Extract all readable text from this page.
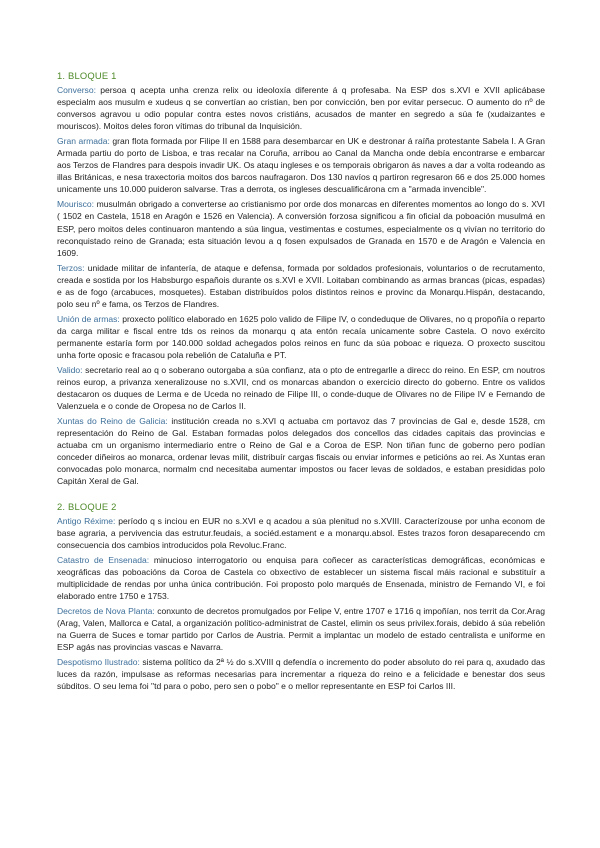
1. BLOQUE 1

Converso: persoa q acepta unha crenza relix ou ideoloxía diferente á q profesaba. Na ESP dos s.XVI e XVII aplicábase especialm aos musulm e xudeus q se convertían ao cristian, ben por convicción, ben por evitar persecuc. O aumento do nº de conversos agravou u odio popular contra estes novos cristiáns, acusados de manter en segredo a súa fe (xudaizantes e mouriscos). Moitos deles foron vítimas do tribunal da Inquisición.

Gran armada: gran flota formada por Filipe II en 1588 para desembarcar en UK e destronar á raíña protestante Sabela I. A Gran Armada partiu do porto de Lisboa, e tras recalar na Coruña, arribou ao Canal da Mancha onde debía encontrarse e embarcar aos Terzos de Flandres para despois invadir UK. Os ataqu ingleses e os temporais obrigaron ás naves a dar a volta rodeando as illas Británicas, e nesa traxectoria moitos dos barcos naufragaron. Dos 130 navíos q partiron regresaron 66 e dos 25.000 homes unicamente uns 10.000 puideron salvarse. Tras a derrota, os ingleses descualificárona cm a "armada invencible".

Mourisco: musulmán obrigado a converterse ao cristianismo por orde dos monarcas en diferentes momentos ao longo do s. XVI ( 1502 en Castela, 1518 en Aragón e 1526 en Valencia). A conversión forzosa significou a fin oficial da poboación musulmá en ESP, pero moitos deles continuaron mantendo a súa lingua, vestimentas e costumes, especialmente os q vivían no territorio do reconquistado reino de Granada; esta situación levou a q fosen expulsados de Granada en 1570 e de Aragón e Valencia en 1609.

Terzos: unidade militar de infantería, de ataque e defensa, formada por soldados profesionais, voluntarios o de recrutamento, creada e sostida por los Habsburgo españois durante os s.XVI e XVII. Loitaban combinando as armas brancas (picas, espadas) e as de fogo (arcabuces, mosquetes). Estaban distribuídos polos distintos reinos e provinc da Monarqu.Hispán, destacando, polo seu nº e fama, os Terzos de Flandres.

Unión de armas: proxecto político elaborado en 1625 polo valido de Filipe IV, o condeduque de Olivares, no q propoñía o reparto da carga militar e fiscal entre tds os reinos da monarqu q ata entón recaía unicamente sobre Castela. O novo exército permanente estaría form por 140.000 soldad achegados polos reinos en func da súa poboac e riqueza. O proxecto suscitou unha forte oposic e fracasou pola rebelión de Cataluña e PT.

Valido: secretario real ao q o soberano outorgaba a súa confianz, ata o pto de entregarlle a direcc do reino. En ESP, cm noutros reinos europ, a privanza xeneralizouse no s.XVII, cnd os monarcas abandon o exercicio directo do goberno. Entre os validos destacaron os duques de Lerma e de Uceda no reinado de Filipe III, o conde-duque de Olivares no de Filipe IV e Fernando de Valenzuela e o conde de Oropesa no de Carlos II.

Xuntas do Reino de Galicia: institución creada no s.XVI q actuaba cm portavoz das 7 provincias de Gal e, desde 1528, cm representación do Reino de Gal. Estaban formadas polos delegados dos concellos das cidades capitais das provincias e actuaba cm un organismo intermediario entre o Reino de Gal e a Coroa de ESP. Non tiñan func de goberno pero podían conceder diñeiros ao monarca, ordenar levas milit, distribuír cargas fiscais ou enviar informes e peticións ao rei. As Xuntas eran convocadas polo monarca, normalm cnd necesitaba aumentar impostos ou facer levas de soldados, e estaban presididas polo Capitán Xeral de Gal.

2. BLOQUE 2

Antigo Réxime: período q s inciou en EUR no s.XVI e q acadou a súa plenitud no s.XVIII. Caracterízouse por unha econom de base agraria, a pervivencia das estrutur.feudais, a sociéd.estament e a monarqu.absol. Estes trazos foron desaparecendo cm consecuencia dos cambios introducidos pola Revoluc.Franc.

Catastro de Ensenada: minucioso interrogatorio ou enquisa para coñecer as características demográficas, económicas e xeográficas das poboacións da Coroa de Castela co obxectivo de establecer un sistema fiscal máis racional e substituír a multiplicidade de rendas por unha única contribución. Foi proposto polo marqués de Ensenada, ministro de Fernando VI, e foi elaborado entre 1750 e 1753.

Decretos de Nova Planta: conxunto de decretos promulgados por Felipe V, entre 1707 e 1716 q impoñían, nos territ da Cor.Arag (Arag, Valen, Mallorca e Catal, a organización político-administrat de Castel, elimin os seus privilex.forais, debido á súa rebelión na Guerra de Suces e tomar partido por Carlos de Austria. Permit a implantac un modelo de estado centralista e uniforme en ESP agás nas provincias vascas e Navarra.

Despotismo Ilustrado: sistema político da 2ª ½ do s.XVIII q defendía o incremento do poder absoluto do rei para q, axudado das luces da razón, impulsase as reformas necesarias para incrementar a riqueza do reino e a felicidade e benestar dos seus súbditos. O seu lema foi "td para o pobo, pero sen o pobo" e o mellor representante en ESP foi Carlos III.
